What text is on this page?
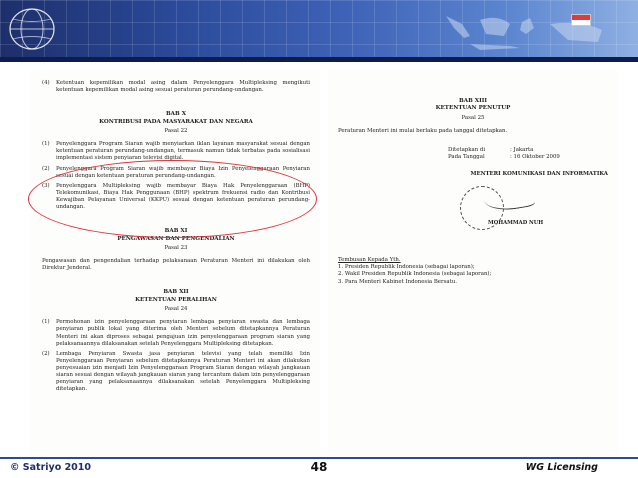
(4)	Ketentuan kepemilikan modal asing dalam Penyelenggara Multipleksing mengikuti ketentuan kepemilikan modal asing sesuai peraturan perundang-undangan.
BAB X
KONTRIBUSI PADA MASYARAKAT DAN NEGARA
Pasal 22
(1)	Penyelenggara Program Siaran wajib menyiarkan iklan layanan masyarakat sesuai dengan ketentuan peraturan perundang-undangan, termasuk namun tidak terbatas pada sosialisasi implementasi sistem penyiaran televisi digital.
(2)	Penyelenggara Program Siaran wajib membayar Biaya Izin Penyelenggaraan Penyiaran sesuai dengan ketentuan peraturan perundang-undangan.
(3)	Penyelenggara Multipleksing wajib membayar Biaya Hak Penyelenggaraan (BHP) Telekomunikasi, Biaya Hak Penggunaan (BHP) spektrum frekuensi radio dan Kontribusi Kewajiban Pelayanan Universal (KKPU) sesuai dengan ketentuan peraturan perundang-undangan.
BAB XI
PENGAWASAN DAN PENGENDALIAN
Pasal 23
Pengawasan dan pengendalian terhadap pelaksanaan Peraturan Menteri ini dilakukan oleh Direktur Jenderal.
BAB XII
KETENTUAN PERALIHAN
Pasal 24
(1)	Permohonan izin penyelenggaraan penyiaran lembaga penyiaran swasta dan lembaga penyiaran publik lokal yang diterima oleh Menteri sebelum ditetapkannya Peraturan Menteri ini akan diproses sebagai pengajuan izin penyelenggaraan program siaran yang pelaksanaannya dilaksanakan setelah Penyelenggara Multipleksing ditetapkan.
(2)	Lembaga Penyiaran Swasta jasa penyiaran televisi yang telah memiliki Izin Penyelenggaraan Penyiaran sebelum ditetapkannya Peraturan Menteri ini akan dilakukan penyesuaian izin menjadi Izin Penyelenggaraan Program Siaran dengan wilayah jangkauan siaran sesuai dengan wilayah jangkauan siaran yang tercantum dalam izin penyelenggaraan penyiaran yang pelaksanaannya dilaksanakan setelah Penyelenggara Multipleksing ditetapkan.
BAB XIII
KETENTUAN PENUTUP
Pasal 25
Peraturan Menteri ini mulai berlaku pada tanggal ditetapkan.
Ditetapkan di	: Jakarta
Pada Tanggal	: 16 Oktober 2009
MENTERI KOMUNIKASI DAN INFORMATIKA
MOHAMMAD NUH
Tembusan Kepada Yth.
1. Presiden Republik Indonesia (sebagai laporan);
2. Wakil Presiden Republik Indonesia (sebagai laporan);
3. Para Menteri Kabinet Indonesia Bersatu.
© Satriyo 2010	48	WG Licensing
